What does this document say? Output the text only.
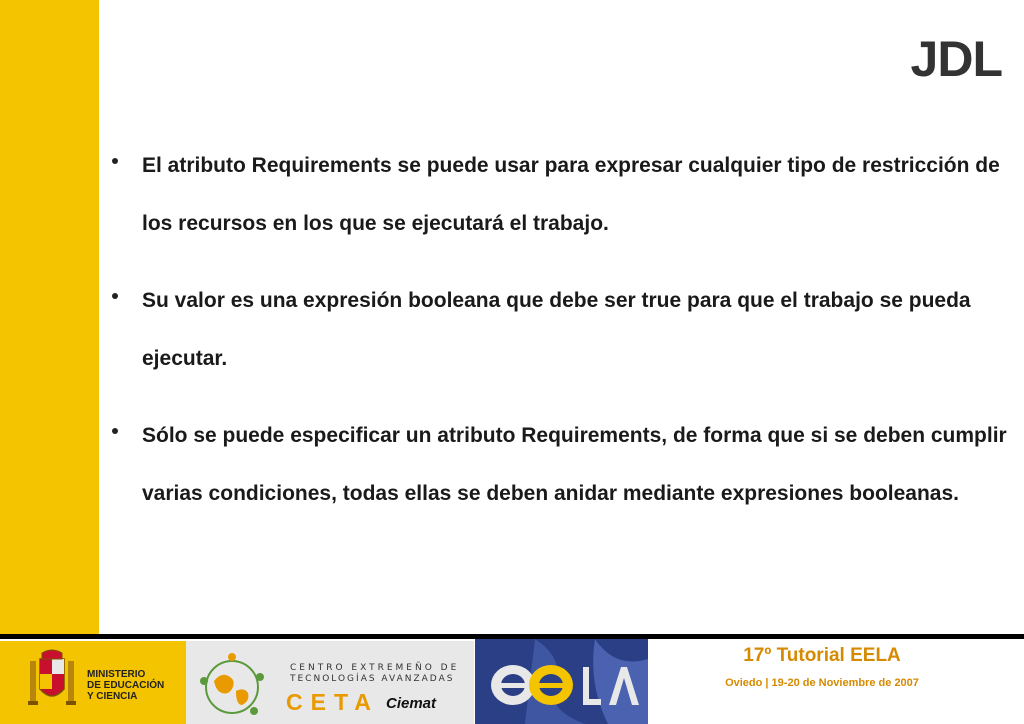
JDL
El atributo Requirements se puede usar para expresar cualquier tipo de restricción de los recursos en los que se ejecutará el trabajo.
Su valor es una expresión booleana que debe ser true para que el trabajo se pueda ejecutar.
Sólo se puede especificar un atributo Requirements, de forma que si se deben cumplir varias condiciones, todas ellas se deben anidar mediante expresiones booleanas.
MINISTERIO
DE EDUCACIÓN
Y CIENCIA
CENTRO EXTREMEÑO DE
TECNOLOGÍAS AVANZADAS
CETA Ciemat
17º Tutorial EELA
Oviedo | 19-20 de Noviembre de 2007
